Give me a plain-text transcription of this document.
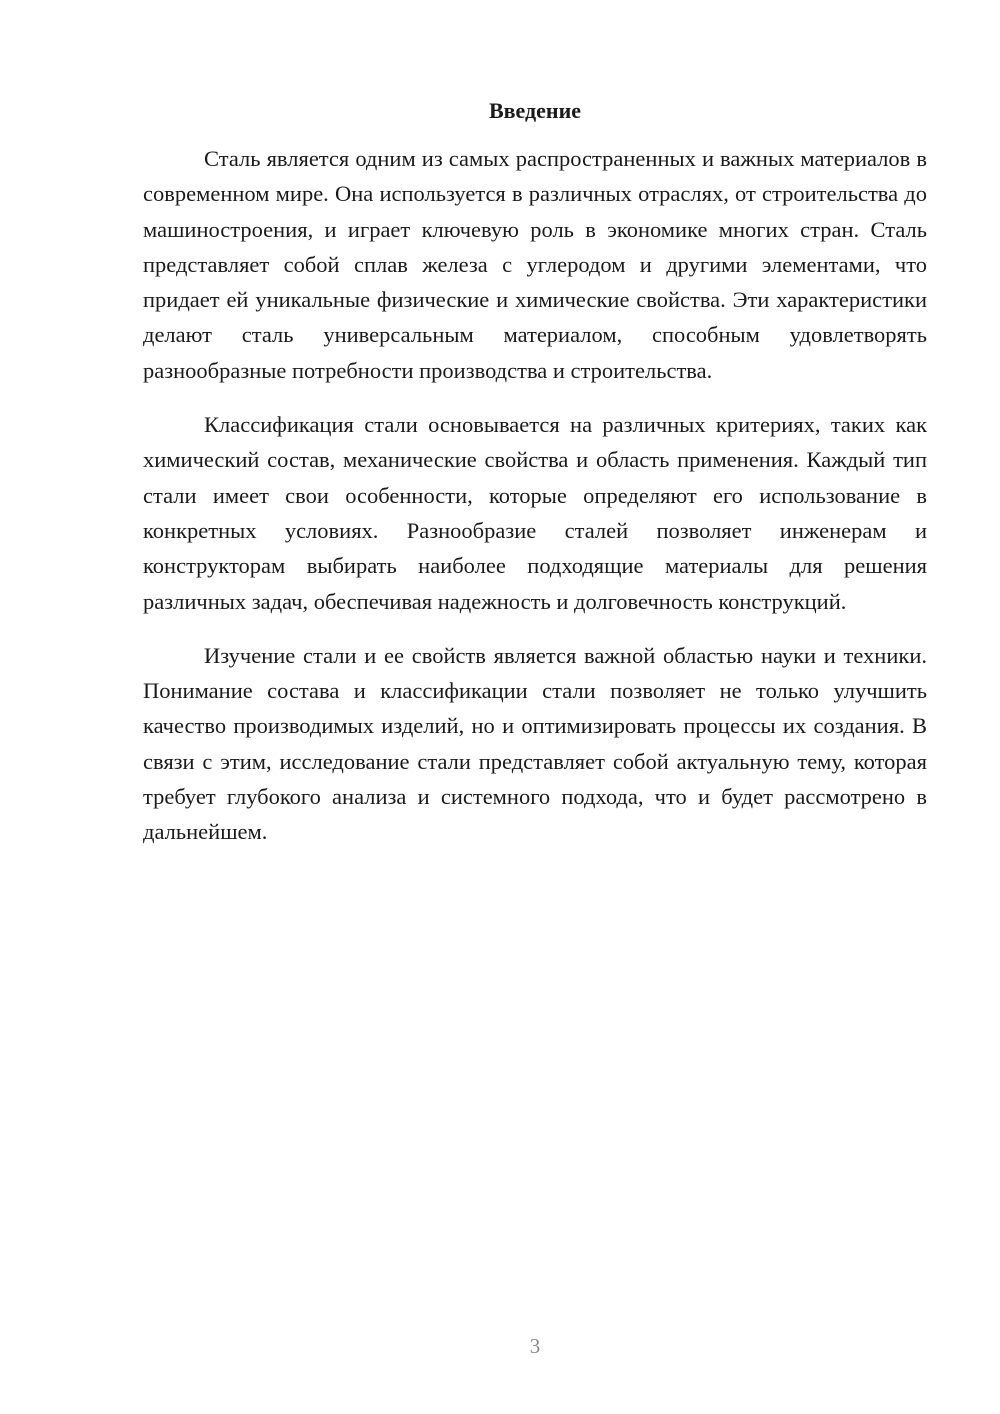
Введение

Сталь является одним из самых распространенных и важных материалов в современном мире. Она используется в различных отраслях, от строительства до машиностроения, и играет ключевую роль в экономике многих стран. Сталь представляет собой сплав железа с углеродом и другими элементами, что придает ей уникальные физические и химические свойства. Эти характеристики делают сталь универсальным материалом, способным удовлетворять разнообразные потребности производства и строительства.

Классификация стали основывается на различных критериях, таких как химический состав, механические свойства и область применения. Каждый тип стали имеет свои особенности, которые определяют его использование в конкретных условиях. Разнообразие сталей позволяет инженерам и конструкторам выбирать наиболее подходящие материалы для решения различных задач, обеспечивая надежность и долговечность конструкций.

Изучение стали и ее свойств является важной областью науки и техники. Понимание состава и классификации стали позволяет не только улучшить качество производимых изделий, но и оптимизировать процессы их создания. В связи с этим, исследование стали представляет собой актуальную тему, которая требует глубокого анализа и системного подхода, что и будет рассмотрено в дальнейшем.

3
